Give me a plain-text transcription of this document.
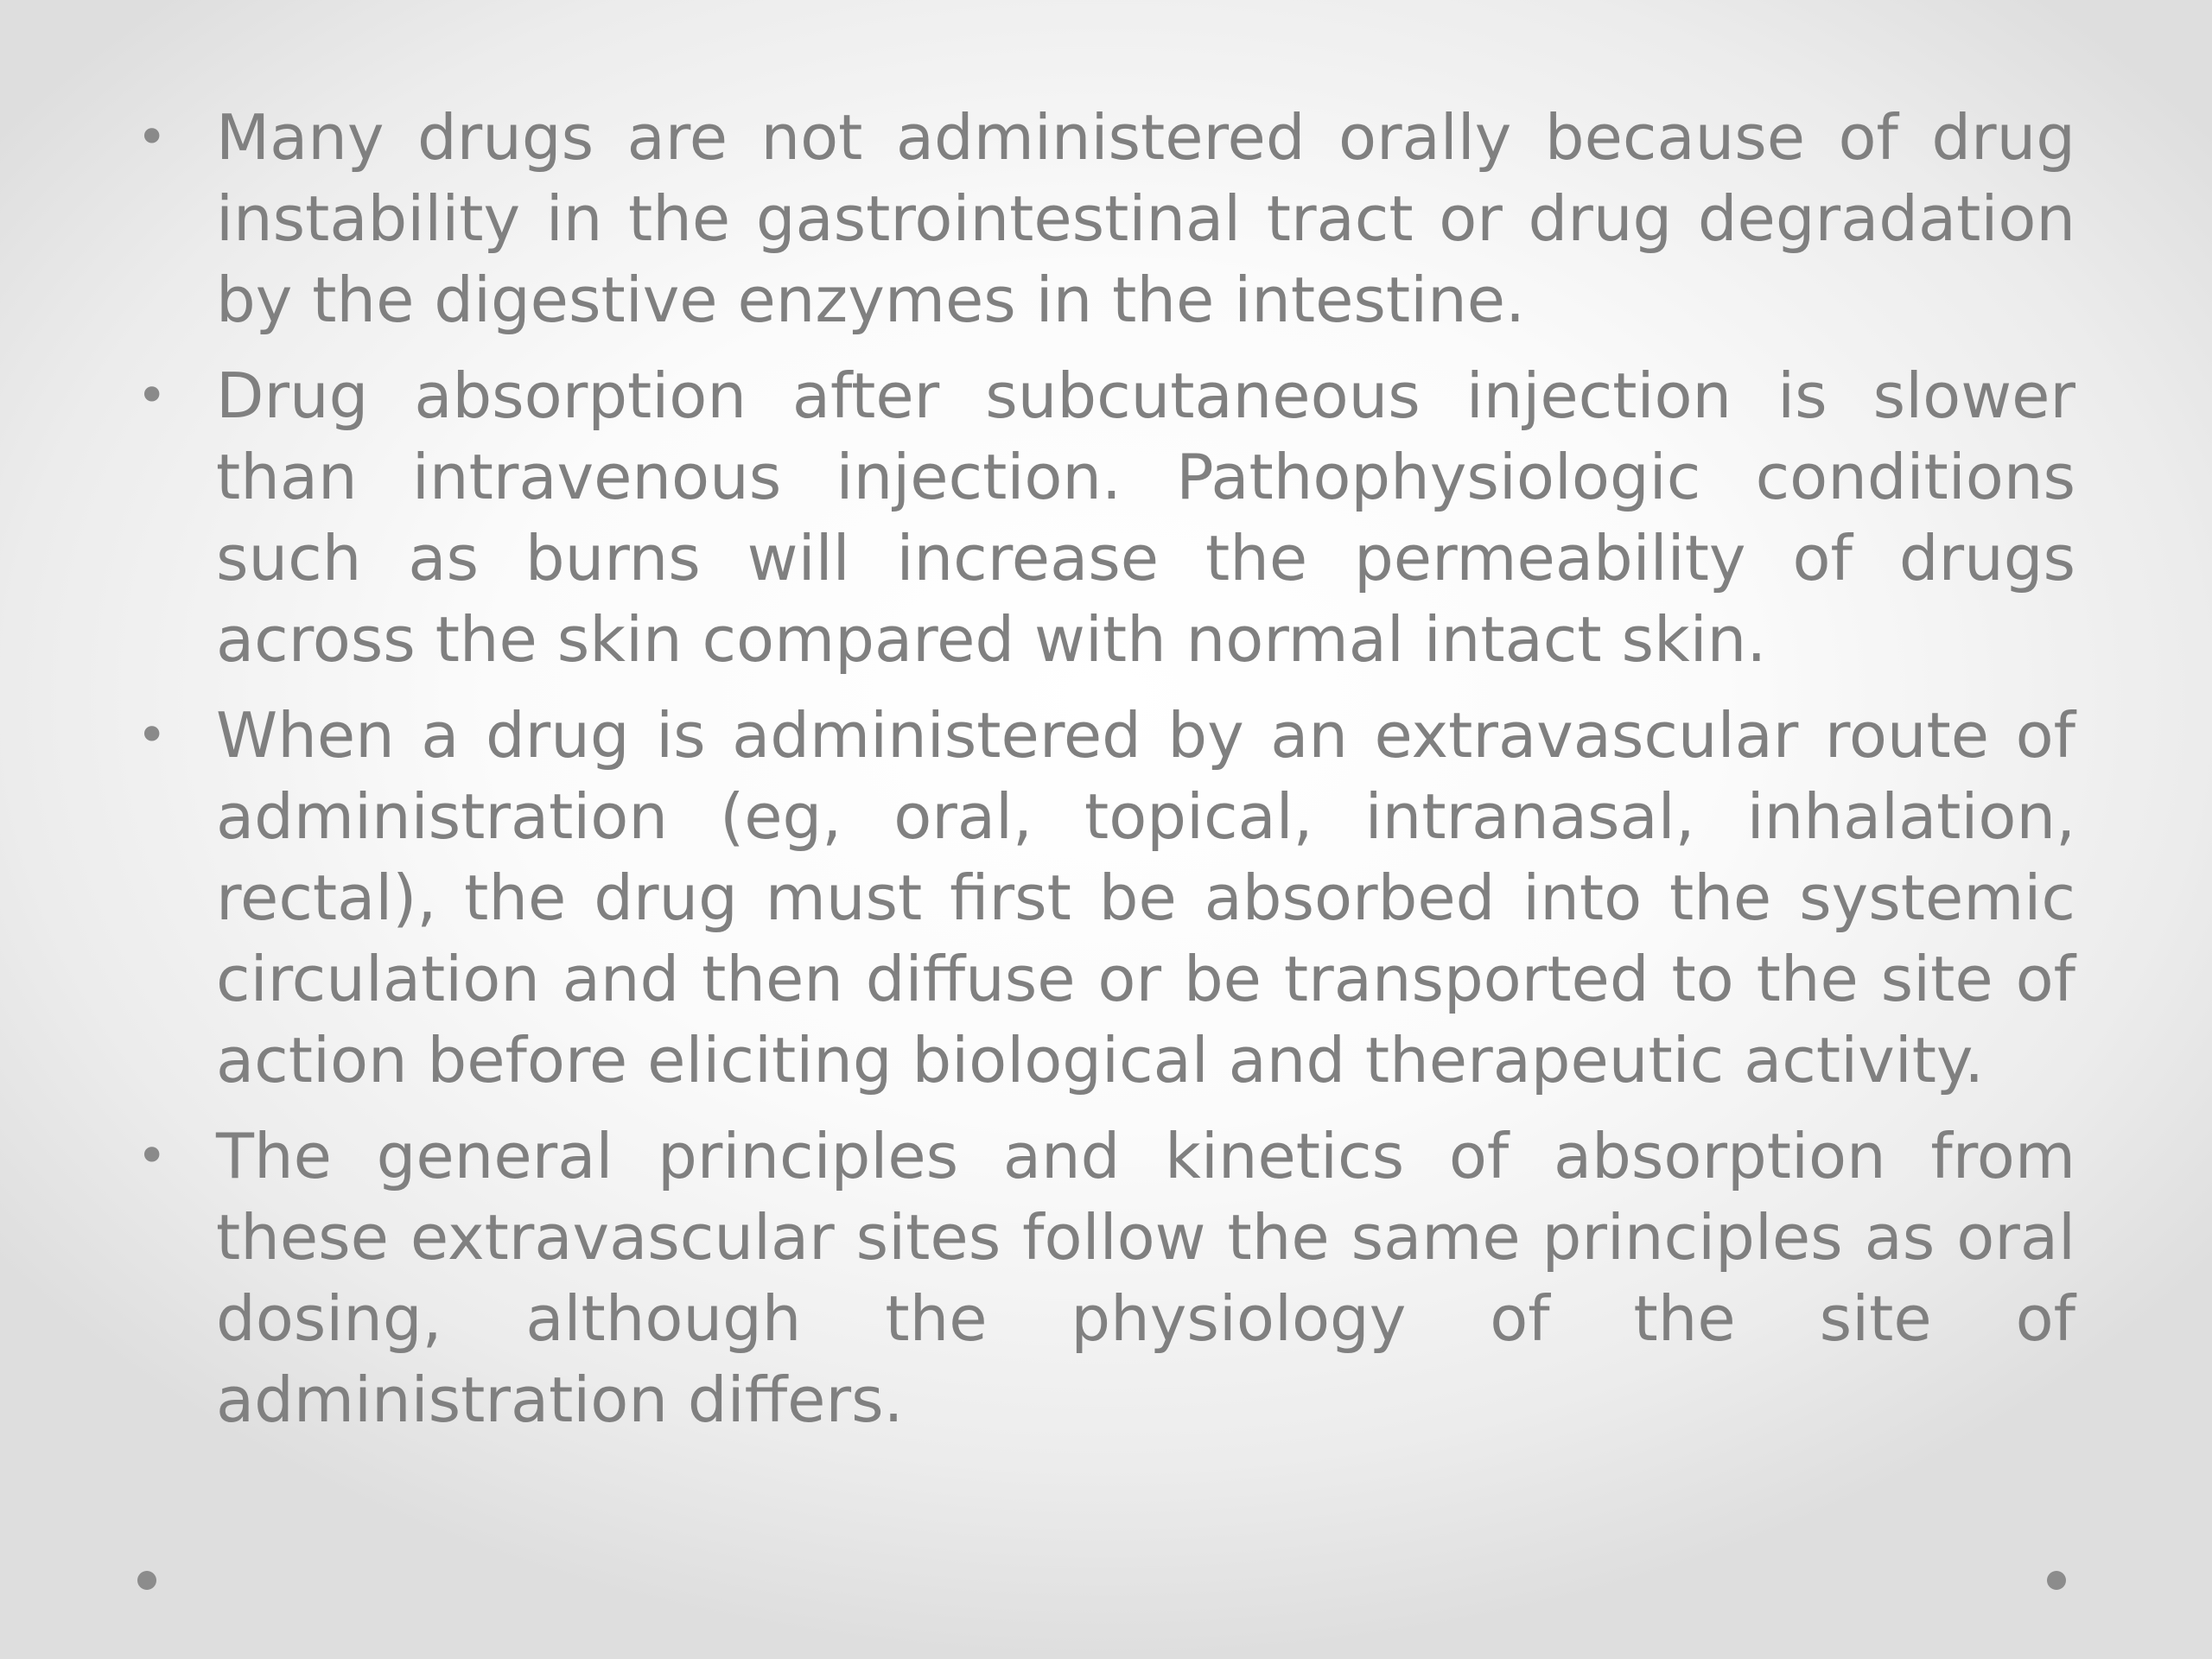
• Many drugs are not administered orally because of drug instability in the gastrointestinal tract or drug degradation by the digestive enzymes in the intestine.
• Drug absorption after subcutaneous injection is slower than intravenous injection. Pathophysiologic conditions such as burns will increase the permeability of drugs across the skin compared with normal intact skin.
• When a drug is administered by an extravascular route of administration (eg, oral, topical, intranasal, inhalation, rectal), the drug must first be absorbed into the systemic circulation and then diffuse or be transported to the site of action before eliciting biological and therapeutic activity.
• The general principles and kinetics of absorption from these extravascular sites follow the same principles as oral dosing, although the physiology of the site of administration differs.
